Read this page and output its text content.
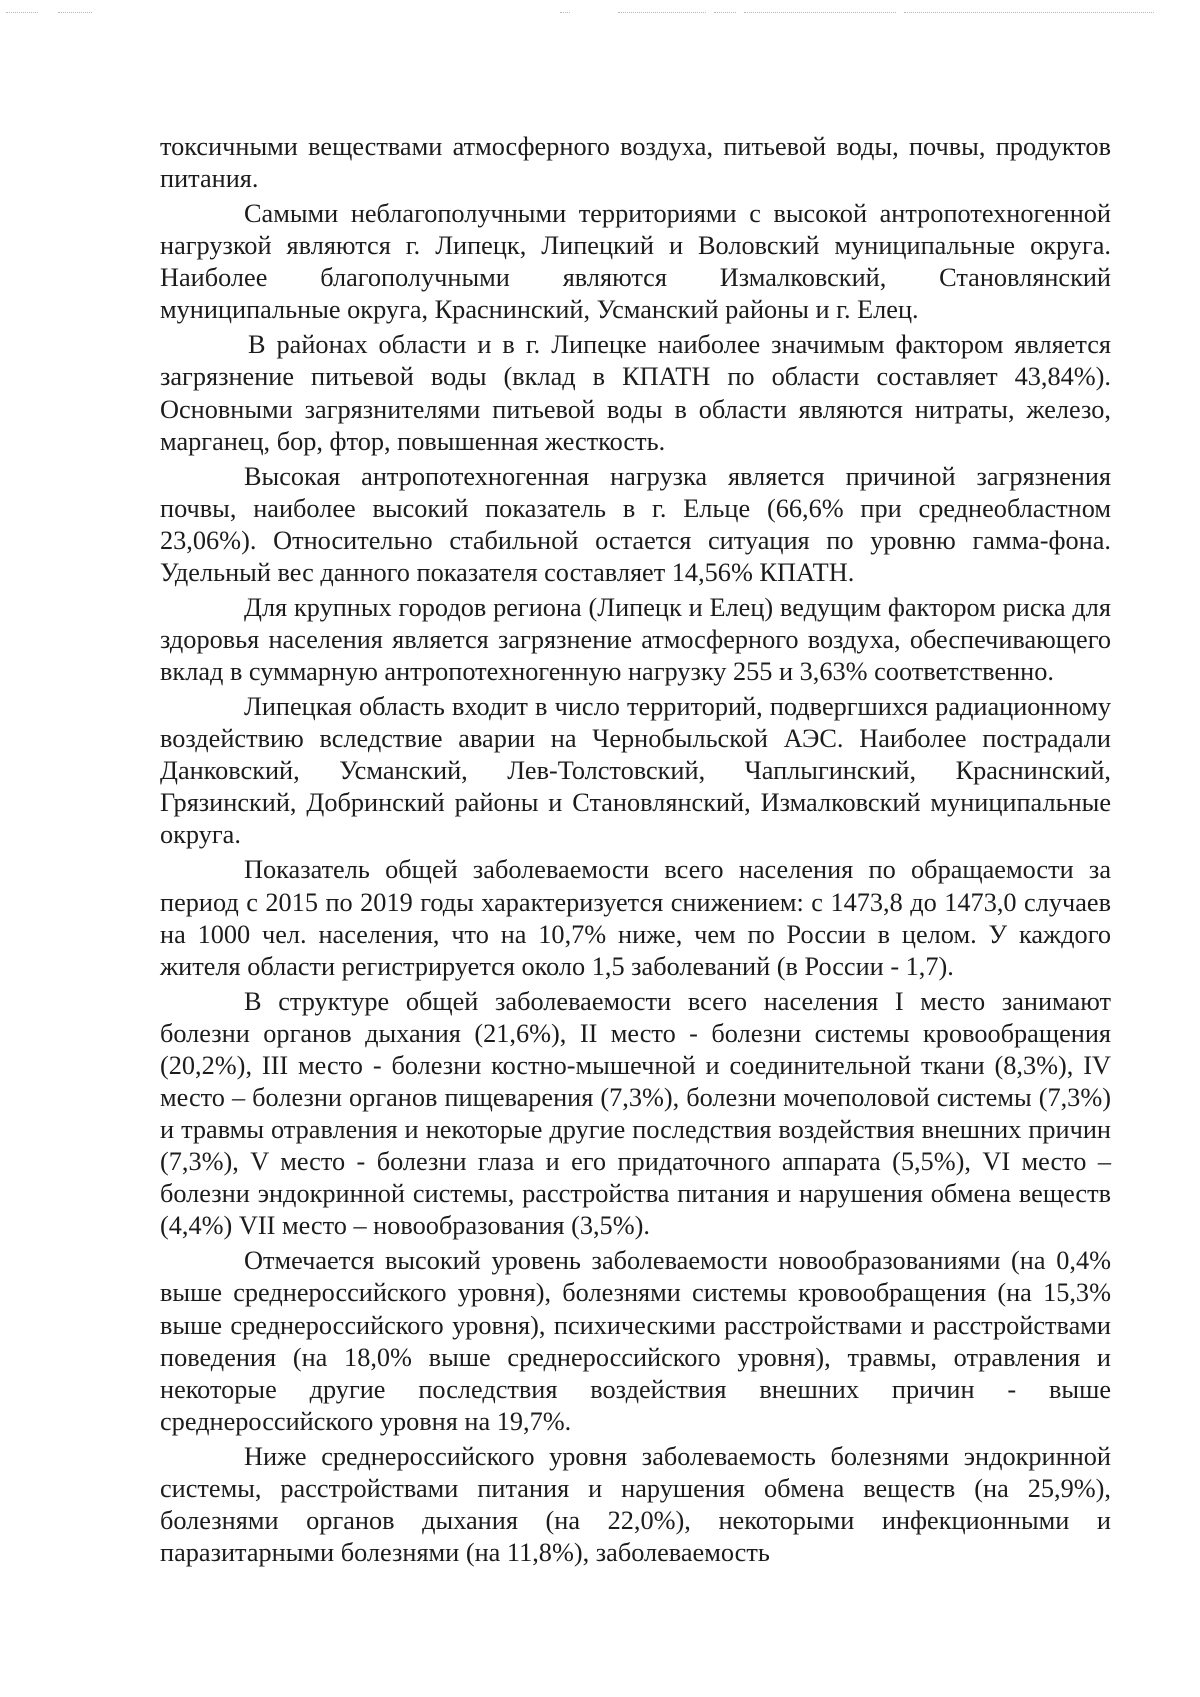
токсичными веществами атмосферного воздуха, питьевой воды, почвы, продуктов питания.

Самыми неблагополучными территориями с высокой антропотехногенной нагрузкой являются г. Липецк, Липецкий и Воловский муниципальные округа. Наиболее благополучными являются Измалковский, Становлянский муниципальные округа, Краснинский, Усманский районы и г. Елец.

В районах области и в г. Липецке наиболее значимым фактором является загрязнение питьевой воды (вклад в КПАТН по области составляет 43,84%). Основными загрязнителями питьевой воды в области являются нитраты, железо, марганец, бор, фтор, повышенная жесткость.

Высокая антропотехногенная нагрузка является причиной загрязнения почвы, наиболее высокий показатель в г. Ельце (66,6% при среднеобластном 23,06%). Относительно стабильной остается ситуация по уровню гамма-фона. Удельный вес данного показателя составляет 14,56% КПАТН.

Для крупных городов региона (Липецк и Елец) ведущим фактором риска для здоровья населения является загрязнение атмосферного воздуха, обеспечивающего вклад в суммарную антропотехногенную нагрузку 255 и 3,63% соответственно.

Липецкая область входит в число территорий, подвергшихся радиационному воздействию вследствие аварии на Чернобыльской АЭС. Наиболее пострадали Данковский, Усманский, Лев-Толстовский, Чаплыгинский, Краснинский, Грязинский, Добринский районы и Становлянский, Измалковский муниципальные округа.

Показатель общей заболеваемости всего населения по обращаемости за период с 2015 по 2019 годы характеризуется снижением: с 1473,8 до 1473,0 случаев на 1000 чел. населения, что на 10,7% ниже, чем по России в целом. У каждого жителя области регистрируется около 1,5 заболеваний (в России - 1,7).

В структуре общей заболеваемости всего населения I место занимают болезни органов дыхания (21,6%), II место - болезни системы кровообращения (20,2%), III место - болезни костно-мышечной и соединительной ткани (8,3%), IV место – болезни органов пищеварения (7,3%), болезни мочеполовой системы (7,3%) и травмы отравления и некоторые другие последствия воздействия внешних причин (7,3%), V место - болезни глаза и его придаточного аппарата (5,5%), VI место – болезни эндокринной системы, расстройства питания и нарушения обмена веществ (4,4%) VII место – новообразования (3,5%).

Отмечается высокий уровень заболеваемости новообразованиями (на 0,4% выше среднероссийского уровня), болезнями системы кровообращения (на 15,3% выше среднероссийского уровня), психическими расстройствами и расстройствами поведения (на 18,0% выше среднероссийского уровня), травмы, отравления и некоторые другие последствия воздействия внешних причин - выше среднероссийского уровня на 19,7%.

Ниже среднероссийского уровня заболеваемость болезнями эндокринной системы, расстройствами питания и нарушения обмена веществ (на 25,9%), болезнями органов дыхания (на 22,0%), некоторыми инфекционными и паразитарными болезнями (на 11,8%), заболеваемость
